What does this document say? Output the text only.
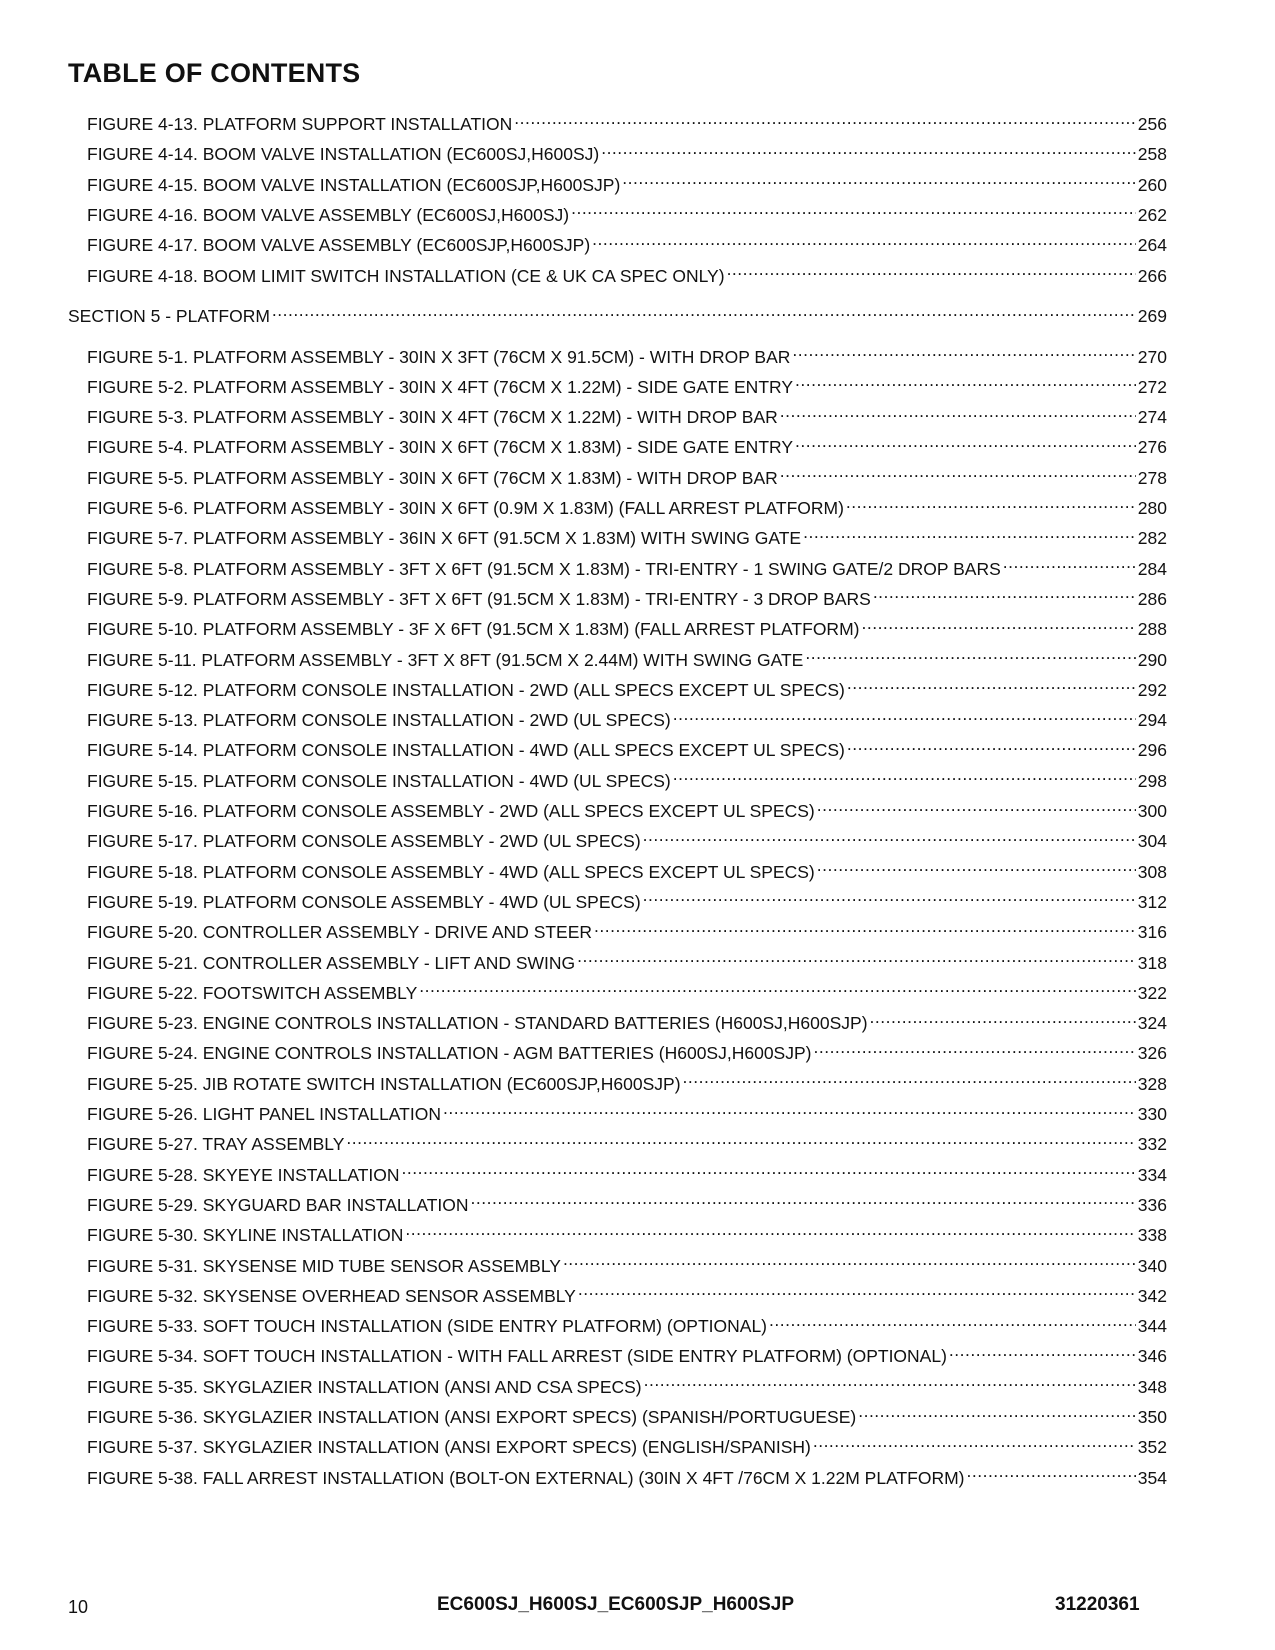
TABLE OF CONTENTS
FIGURE 4-13. PLATFORM SUPPORT INSTALLATION .....	256
FIGURE 4-14. BOOM VALVE INSTALLATION (EC600SJ,H600SJ) .....	258
FIGURE 4-15. BOOM VALVE INSTALLATION (EC600SJP,H600SJP) .....	260
FIGURE 4-16. BOOM VALVE ASSEMBLY (EC600SJ,H600SJ) .....	262
FIGURE 4-17. BOOM VALVE ASSEMBLY (EC600SJP,H600SJP) .....	264
FIGURE 4-18. BOOM LIMIT SWITCH INSTALLATION (CE & UK CA SPEC ONLY) .....	266
SECTION 5 - PLATFORM .....	269
FIGURE 5-1. PLATFORM ASSEMBLY - 30IN X 3FT (76CM X 91.5CM) - WITH DROP BAR .....	270
FIGURE 5-2. PLATFORM ASSEMBLY - 30IN X 4FT (76CM X 1.22M) - SIDE GATE ENTRY .....	272
FIGURE 5-3. PLATFORM ASSEMBLY - 30IN X 4FT (76CM X 1.22M) - WITH DROP BAR .....	274
FIGURE 5-4. PLATFORM ASSEMBLY - 30IN X 6FT (76CM X 1.83M) - SIDE GATE ENTRY .....	276
FIGURE 5-5. PLATFORM ASSEMBLY - 30IN X 6FT (76CM X 1.83M) - WITH DROP BAR .....	278
FIGURE 5-6. PLATFORM ASSEMBLY - 30IN X 6FT (0.9M X 1.83M) (FALL ARREST PLATFORM) .....	280
FIGURE 5-7. PLATFORM ASSEMBLY - 36IN X 6FT (91.5CM X 1.83M) WITH SWING GATE .....	282
FIGURE 5-8. PLATFORM ASSEMBLY - 3FT X 6FT (91.5CM X 1.83M) - TRI-ENTRY - 1 SWING GATE/2 DROP BARS .....	284
FIGURE 5-9. PLATFORM ASSEMBLY - 3FT X 6FT (91.5CM X 1.83M) - TRI-ENTRY - 3 DROP BARS .....	286
FIGURE 5-10. PLATFORM ASSEMBLY - 3F X 6FT (91.5CM X 1.83M) (FALL ARREST PLATFORM) .....	288
FIGURE 5-11. PLATFORM ASSEMBLY - 3FT X 8FT (91.5CM X 2.44M) WITH SWING GATE .....	290
FIGURE 5-12. PLATFORM CONSOLE INSTALLATION - 2WD (ALL SPECS EXCEPT UL SPECS) .....	292
FIGURE 5-13. PLATFORM CONSOLE INSTALLATION - 2WD (UL SPECS) .....	294
FIGURE 5-14. PLATFORM CONSOLE INSTALLATION - 4WD (ALL SPECS EXCEPT UL SPECS) .....	296
FIGURE 5-15. PLATFORM CONSOLE INSTALLATION - 4WD (UL SPECS) .....	298
FIGURE 5-16. PLATFORM CONSOLE ASSEMBLY - 2WD (ALL SPECS EXCEPT UL SPECS) .....	300
FIGURE 5-17. PLATFORM CONSOLE ASSEMBLY - 2WD (UL SPECS) .....	304
FIGURE 5-18. PLATFORM CONSOLE ASSEMBLY - 4WD (ALL SPECS EXCEPT UL SPECS) .....	308
FIGURE 5-19. PLATFORM CONSOLE ASSEMBLY - 4WD (UL SPECS) .....	312
FIGURE 5-20. CONTROLLER ASSEMBLY - DRIVE AND STEER .....	316
FIGURE 5-21. CONTROLLER ASSEMBLY - LIFT AND SWING .....	318
FIGURE 5-22. FOOTSWITCH ASSEMBLY .....	322
FIGURE 5-23. ENGINE CONTROLS INSTALLATION - STANDARD BATTERIES (H600SJ,H600SJP) .....	324
FIGURE 5-24. ENGINE CONTROLS INSTALLATION - AGM BATTERIES (H600SJ,H600SJP) .....	326
FIGURE 5-25. JIB ROTATE SWITCH INSTALLATION (EC600SJP,H600SJP) .....	328
FIGURE 5-26. LIGHT PANEL INSTALLATION .....	330
FIGURE 5-27. TRAY ASSEMBLY .....	332
FIGURE 5-28. SKYEYE INSTALLATION .....	334
FIGURE 5-29. SKYGUARD BAR INSTALLATION .....	336
FIGURE 5-30. SKYLINE INSTALLATION .....	338
FIGURE 5-31. SKYSENSE MID TUBE SENSOR ASSEMBLY .....	340
FIGURE 5-32. SKYSENSE OVERHEAD SENSOR ASSEMBLY .....	342
FIGURE 5-33. SOFT TOUCH INSTALLATION (SIDE ENTRY PLATFORM) (OPTIONAL) .....	344
FIGURE 5-34. SOFT TOUCH INSTALLATION - WITH FALL ARREST (SIDE ENTRY PLATFORM) (OPTIONAL) .....	346
FIGURE 5-35. SKYGLAZIER INSTALLATION (ANSI AND CSA SPECS) .....	348
FIGURE 5-36. SKYGLAZIER INSTALLATION (ANSI EXPORT SPECS) (SPANISH/PORTUGUESE) .....	350
FIGURE 5-37. SKYGLAZIER INSTALLATION (ANSI EXPORT SPECS) (ENGLISH/SPANISH) .....	352
FIGURE 5-38. FALL ARREST INSTALLATION (BOLT-ON EXTERNAL) (30IN X 4FT /76CM X 1.22M PLATFORM) .....	354
10	EC600SJ_H600SJ_EC600SJP_H600SJP	31220361
